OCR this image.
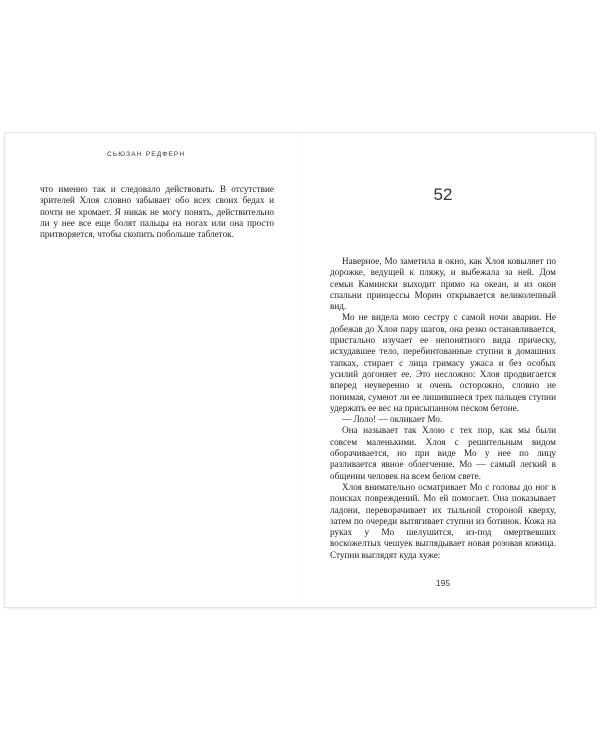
СЬЮЗАН РЕДФЕРН

что именно так и следовало действовать. В отсутствие зрителей Хлоя словно забывает обо всех своих бедах и почти не хромает. Я никак не могу понять, действительно ли у нее все еще болят пальцы на ногах или она просто притворяется, чтобы скопить побольше таблеток.

52

Наверное, Мо заметила в окно, как Хлоя ковыляет по дорожке, ведущей к пляжу, и выбежала за ней. Дом семьи Камински выходит прямо на океан, и из окон спальни принцессы Морин открывается великолепный вид.

Мо не видела мою сестру с самой ночи аварии. Не добежав до Хлои пару шагов, она резко останавливается, пристально изучает ее непонятного вида прическу, исхудавшее тело, перебинтованные ступни в домашних тапках, стирает с лица гримасу ужаса и без особых усилий догоняет ее. Это несложно: Хлоя продвигается вперед неуверенно и очень осторожно, словно не понимая, сумеют ли ее лишившиеся трех пальцев ступни удержать ее вес на присыпанном песком бетоне.

— Лоло! — окликает Мо.

Она называет так Хлою с тех пор, как мы были совсем маленькими. Хлоя с решительным видом оборачивается, но при виде Мо у нее по лицу разливается явное облегчение. Мо — самый легкий в общении человек на всем белом свете.

Хлоя внимательно осматривает Мо с головы до ног в поисках повреждений. Мо ей помогает. Она показывает ладони, переворачивает их тыльной стороной кверху, затем по очереди вытягивает ступни из ботинок. Кожа на руках у Мо шелушится, из-под омертвевших воскожелтых чешуек выглядывает новая розовая кожица. Ступни выглядят куда хуже:

195
